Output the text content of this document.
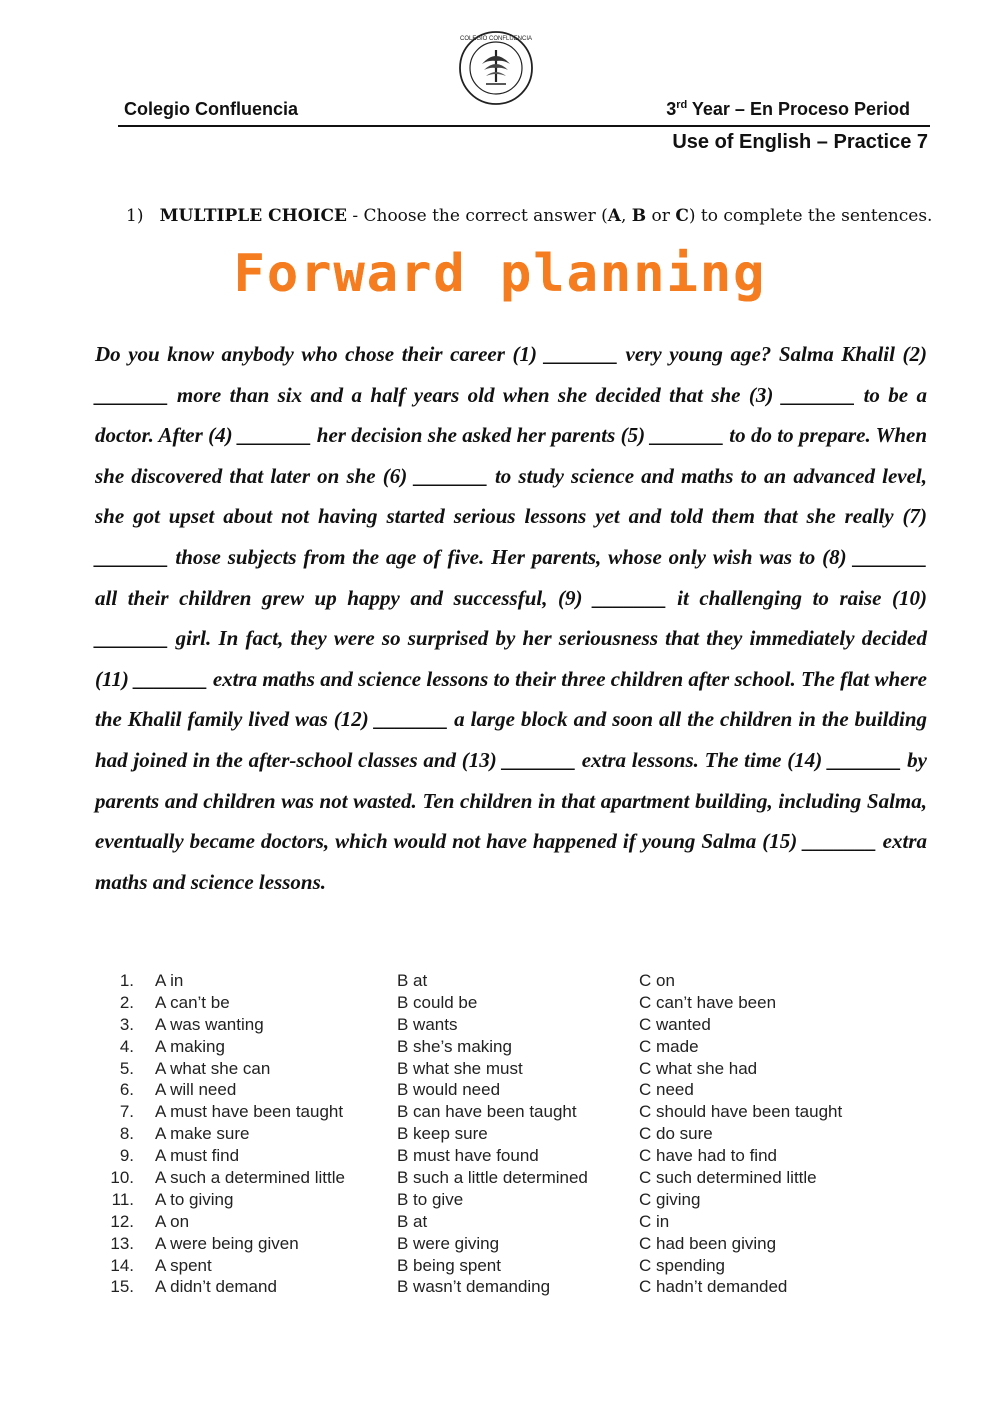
COLEGIO CONFLUENCIA
Colegio Confluencia	3rd Year – En Proceso Period
Use of English – Practice 7
1) MULTIPLE CHOICE - Choose the correct answer (A, B or C) to complete the sentences.
Forward planning
Do you know anybody who chose their career (1) _______ very young age? Salma Khalil (2) _______ more than six and a half years old when she decided that she (3) _______ to be a doctor. After (4) _______ her decision she asked her parents (5) _______ to do to prepare. When she discovered that later on she (6) _______ to study science and maths to an advanced level, she got upset about not having started serious lessons yet and told them that she really (7) _______ those subjects from the age of five. Her parents, whose only wish was to (8) _______ all their children grew up happy and successful, (9) _______ it challenging to raise (10) _______ girl. In fact, they were so surprised by her seriousness that they immediately decided (11) _______ extra maths and science lessons to their three children after school. The flat where the Khalil family lived was (12) _______ a large block and soon all the children in the building had joined in the after-school classes and (13) _______ extra lessons. The time (14) _______ by parents and children was not wasted. Ten children in that apartment building, including Salma, eventually became doctors, which would not have happened if young Salma (15) _______ extra maths and science lessons.
1. A in	B at	C on
2. A can’t be	B could be	C can’t have been
3. A was wanting	B wants	C wanted
4. A making	B she’s making	C made
5. A what she can	B what she must	C what she had
6. A will need	B would need	C need
7. A must have been taught	B can have been taught	C should have been taught
8. A make sure	B keep sure	C do sure
9. A must find	B must have found	C have had to find
10. A such a determined little	B such a little determined	C such determined little
11. A to giving	B to give	C giving
12. A on	B at	C in
13. A were being given	B were giving	C had been giving
14. A spent	B being spent	C spending
15. A didn’t demand	B wasn’t demanding	C hadn’t demanded
